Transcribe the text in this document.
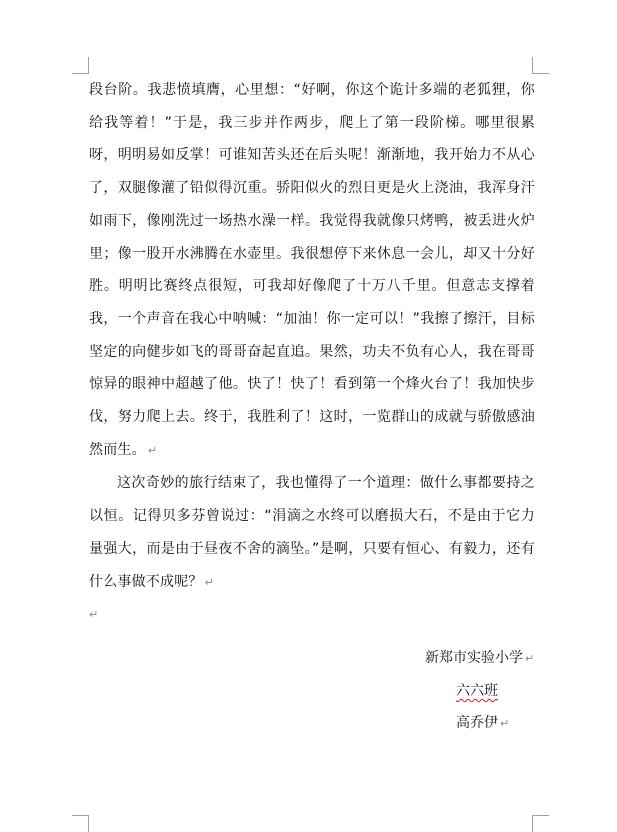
段台阶。我悲愤填膺，心里想：“好啊，你这个诡计多端的老狐狸，你给我等着！”于是，我三步并作两步，爬上了第一段阶梯。哪里很累呀，明明易如反掌！可谁知苦头还在后头呢！渐渐地，我开始力不从心了，双腿像灌了铅似得沉重。骄阳似火的烈日更是火上浇油，我浑身汗如雨下，像刚洗过一场热水澡一样。我觉得我就像只烤鸭，被丢进火炉里；像一股开水沸腾在水壶里。我很想停下来休息一会儿，却又十分好胜。明明比赛终点很短，可我却好像爬了十万八千里。但意志支撑着我，一个声音在我心中呐喊：“加油！你一定可以！”我擦了擦汗，目标坚定的向健步如飞的哥哥奋起直追。果然，功夫不负有心人，我在哥哥惊异的眼神中超越了他。快了！快了！看到第一个烽火台了！我加快步伐，努力爬上去。终于，我胜利了！这时，一览群山的成就与骄傲感油然而生。 ↵

这次奇妙的旅行结束了，我也懂得了一个道理：做什么事都要持之以恒。记得贝多芬曾说过：“涓滴之水终可以磨损大石，不是由于它力量强大，而是由于昼夜不舍的滴坠。”是啊，只要有恒心、有毅力，还有什么事做不成呢？ ↵

↵
新郑市实验小学 ↵
六六班
高乔伊 ↵
